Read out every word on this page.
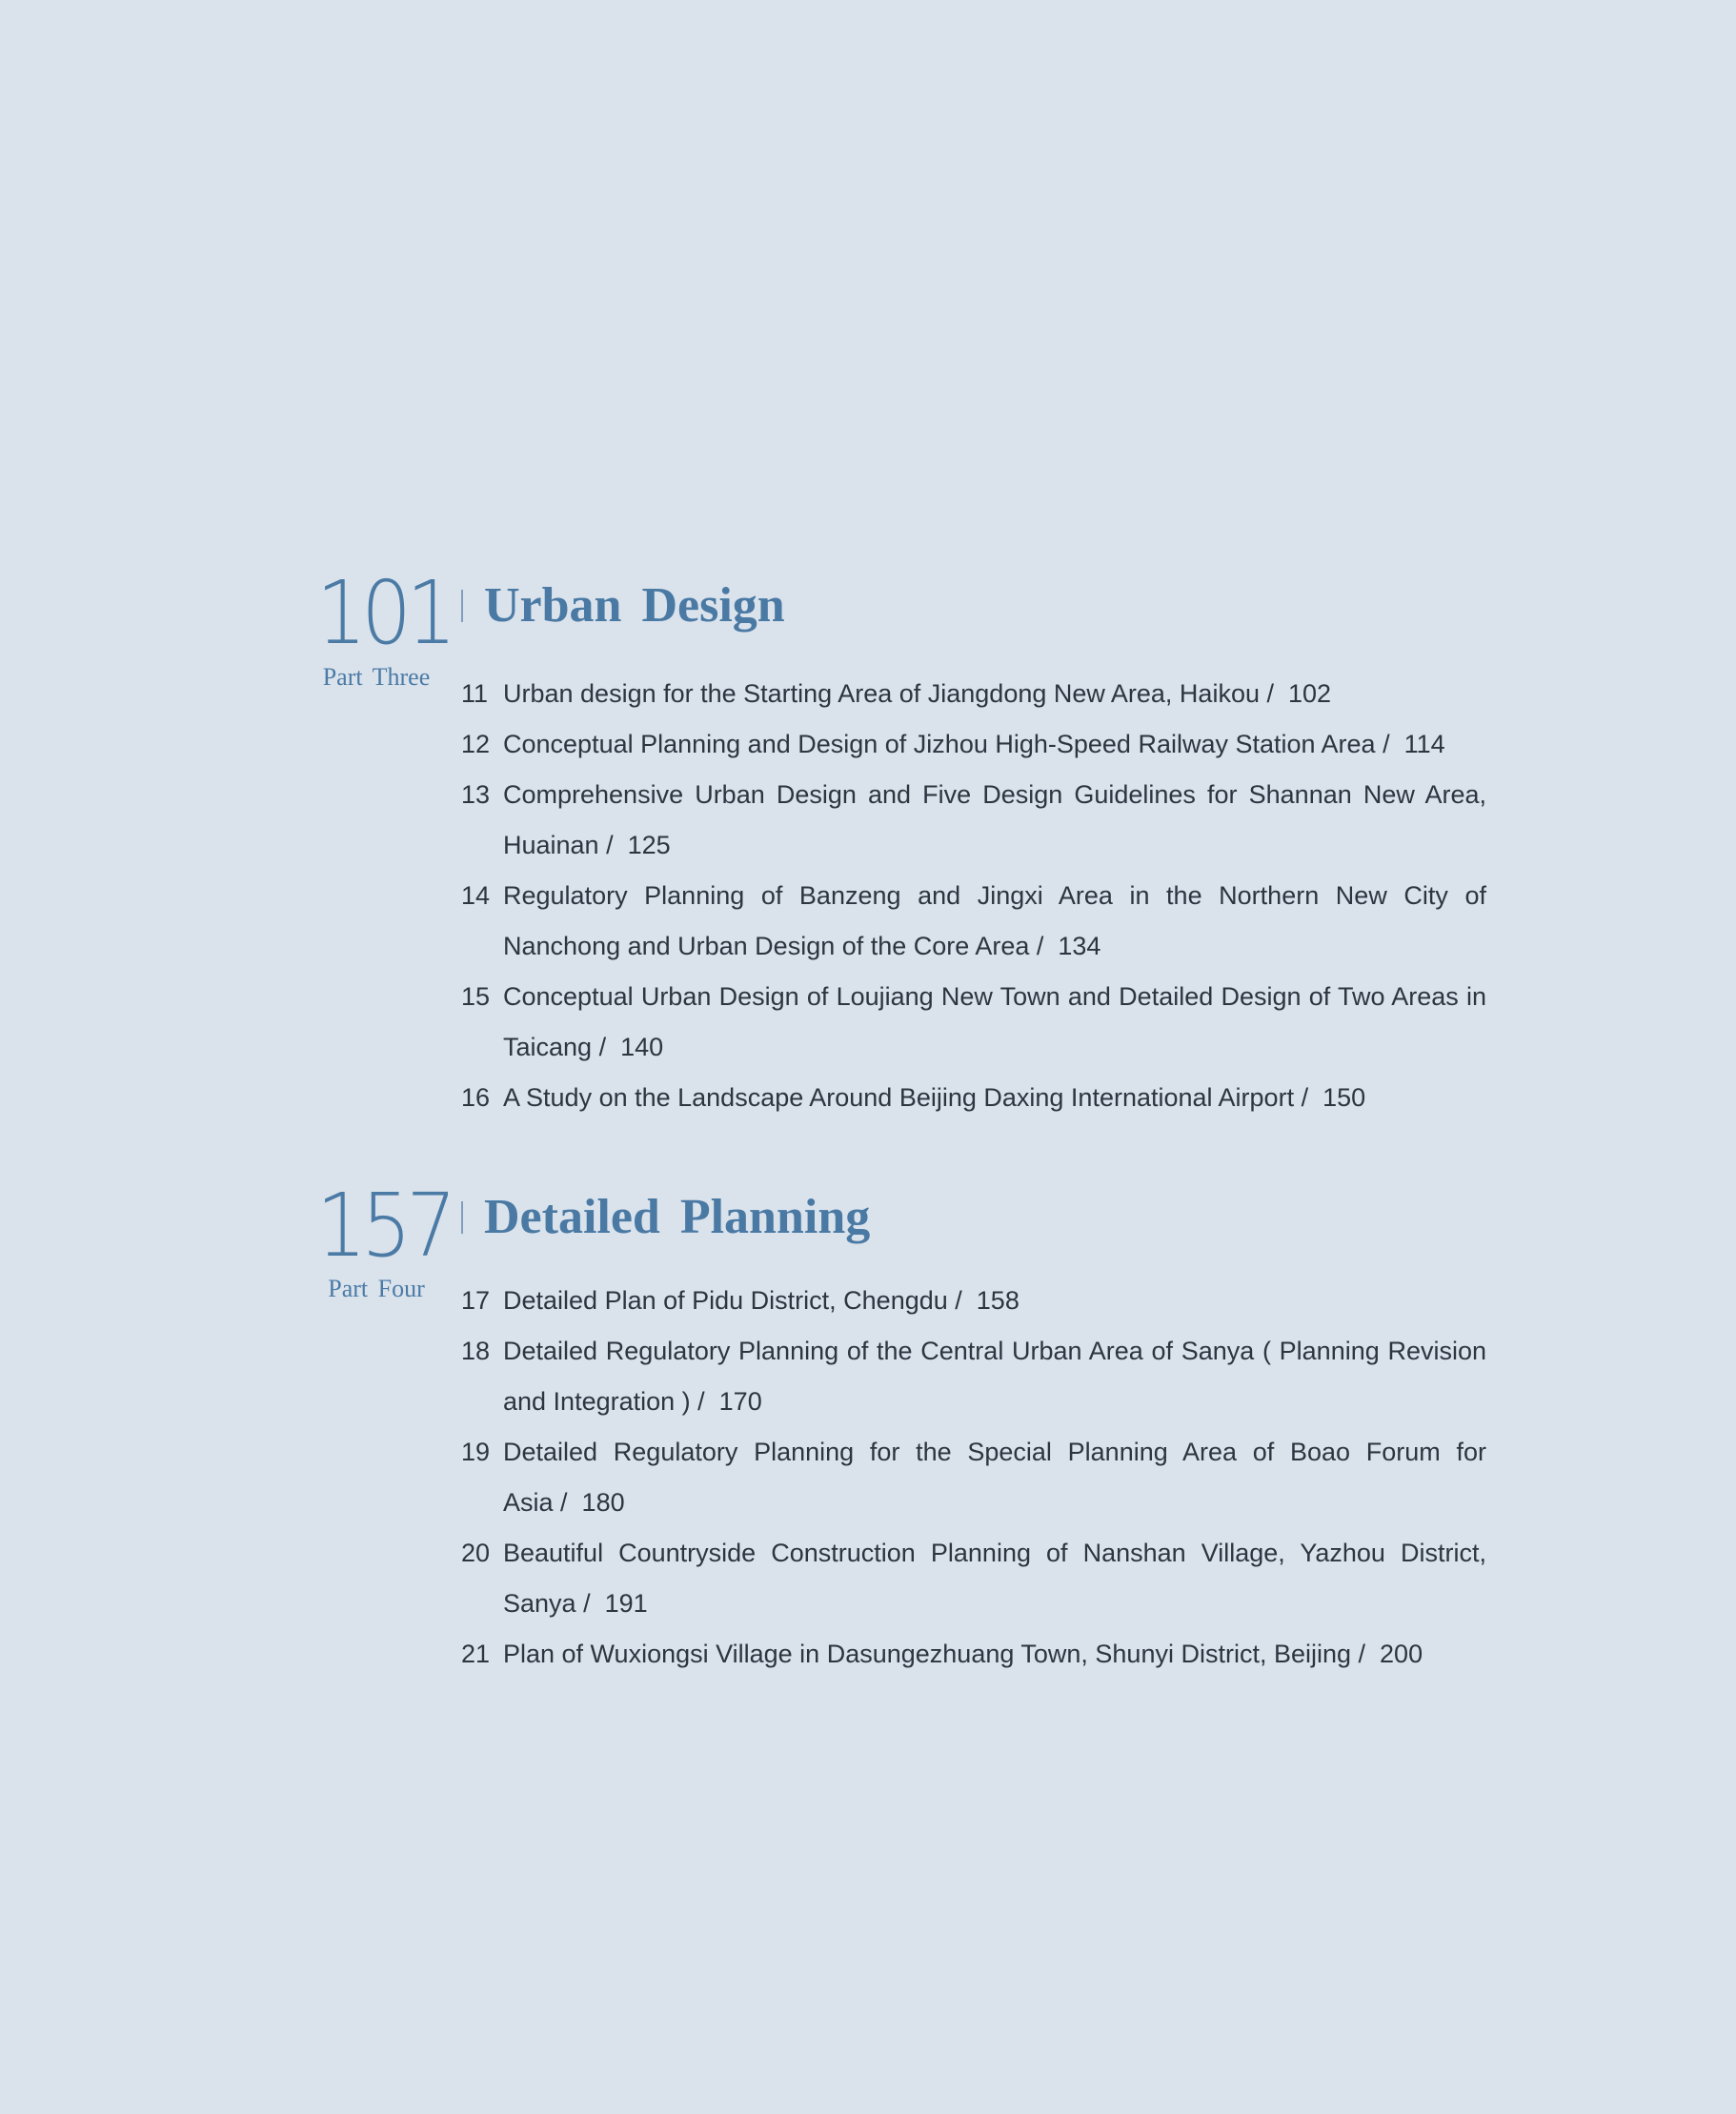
101
Part Three
Urban Design
11 Urban design for the Starting Area of Jiangdong New Area, Haikou /  102
12 Conceptual Planning and Design of Jizhou High-Speed Railway Station Area /  114
13 Comprehensive Urban Design and Five Design Guidelines for Shannan New Area, Huainan /  125
14 Regulatory Planning of Banzeng and Jingxi Area in the Northern New City of Nanchong and Urban Design of the Core Area /  134
15 Conceptual Urban Design of Loujiang New Town and Detailed Design of Two Areas in Taicang /  140
16 A Study on the Landscape Around Beijing Daxing International Airport /  150
157
Part Four
Detailed Planning
17 Detailed Plan of Pidu District, Chengdu /  158
18 Detailed Regulatory Planning of the Central Urban Area of Sanya ( Planning Revision and Integration ) /  170
19 Detailed Regulatory Planning for the Special Planning Area of Boao Forum for Asia /  180
20 Beautiful Countryside Construction Planning of Nanshan Village, Yazhou District, Sanya /  191
21 Plan of Wuxiongsi Village in Dasungezhuang Town, Shunyi District, Beijing /  200
